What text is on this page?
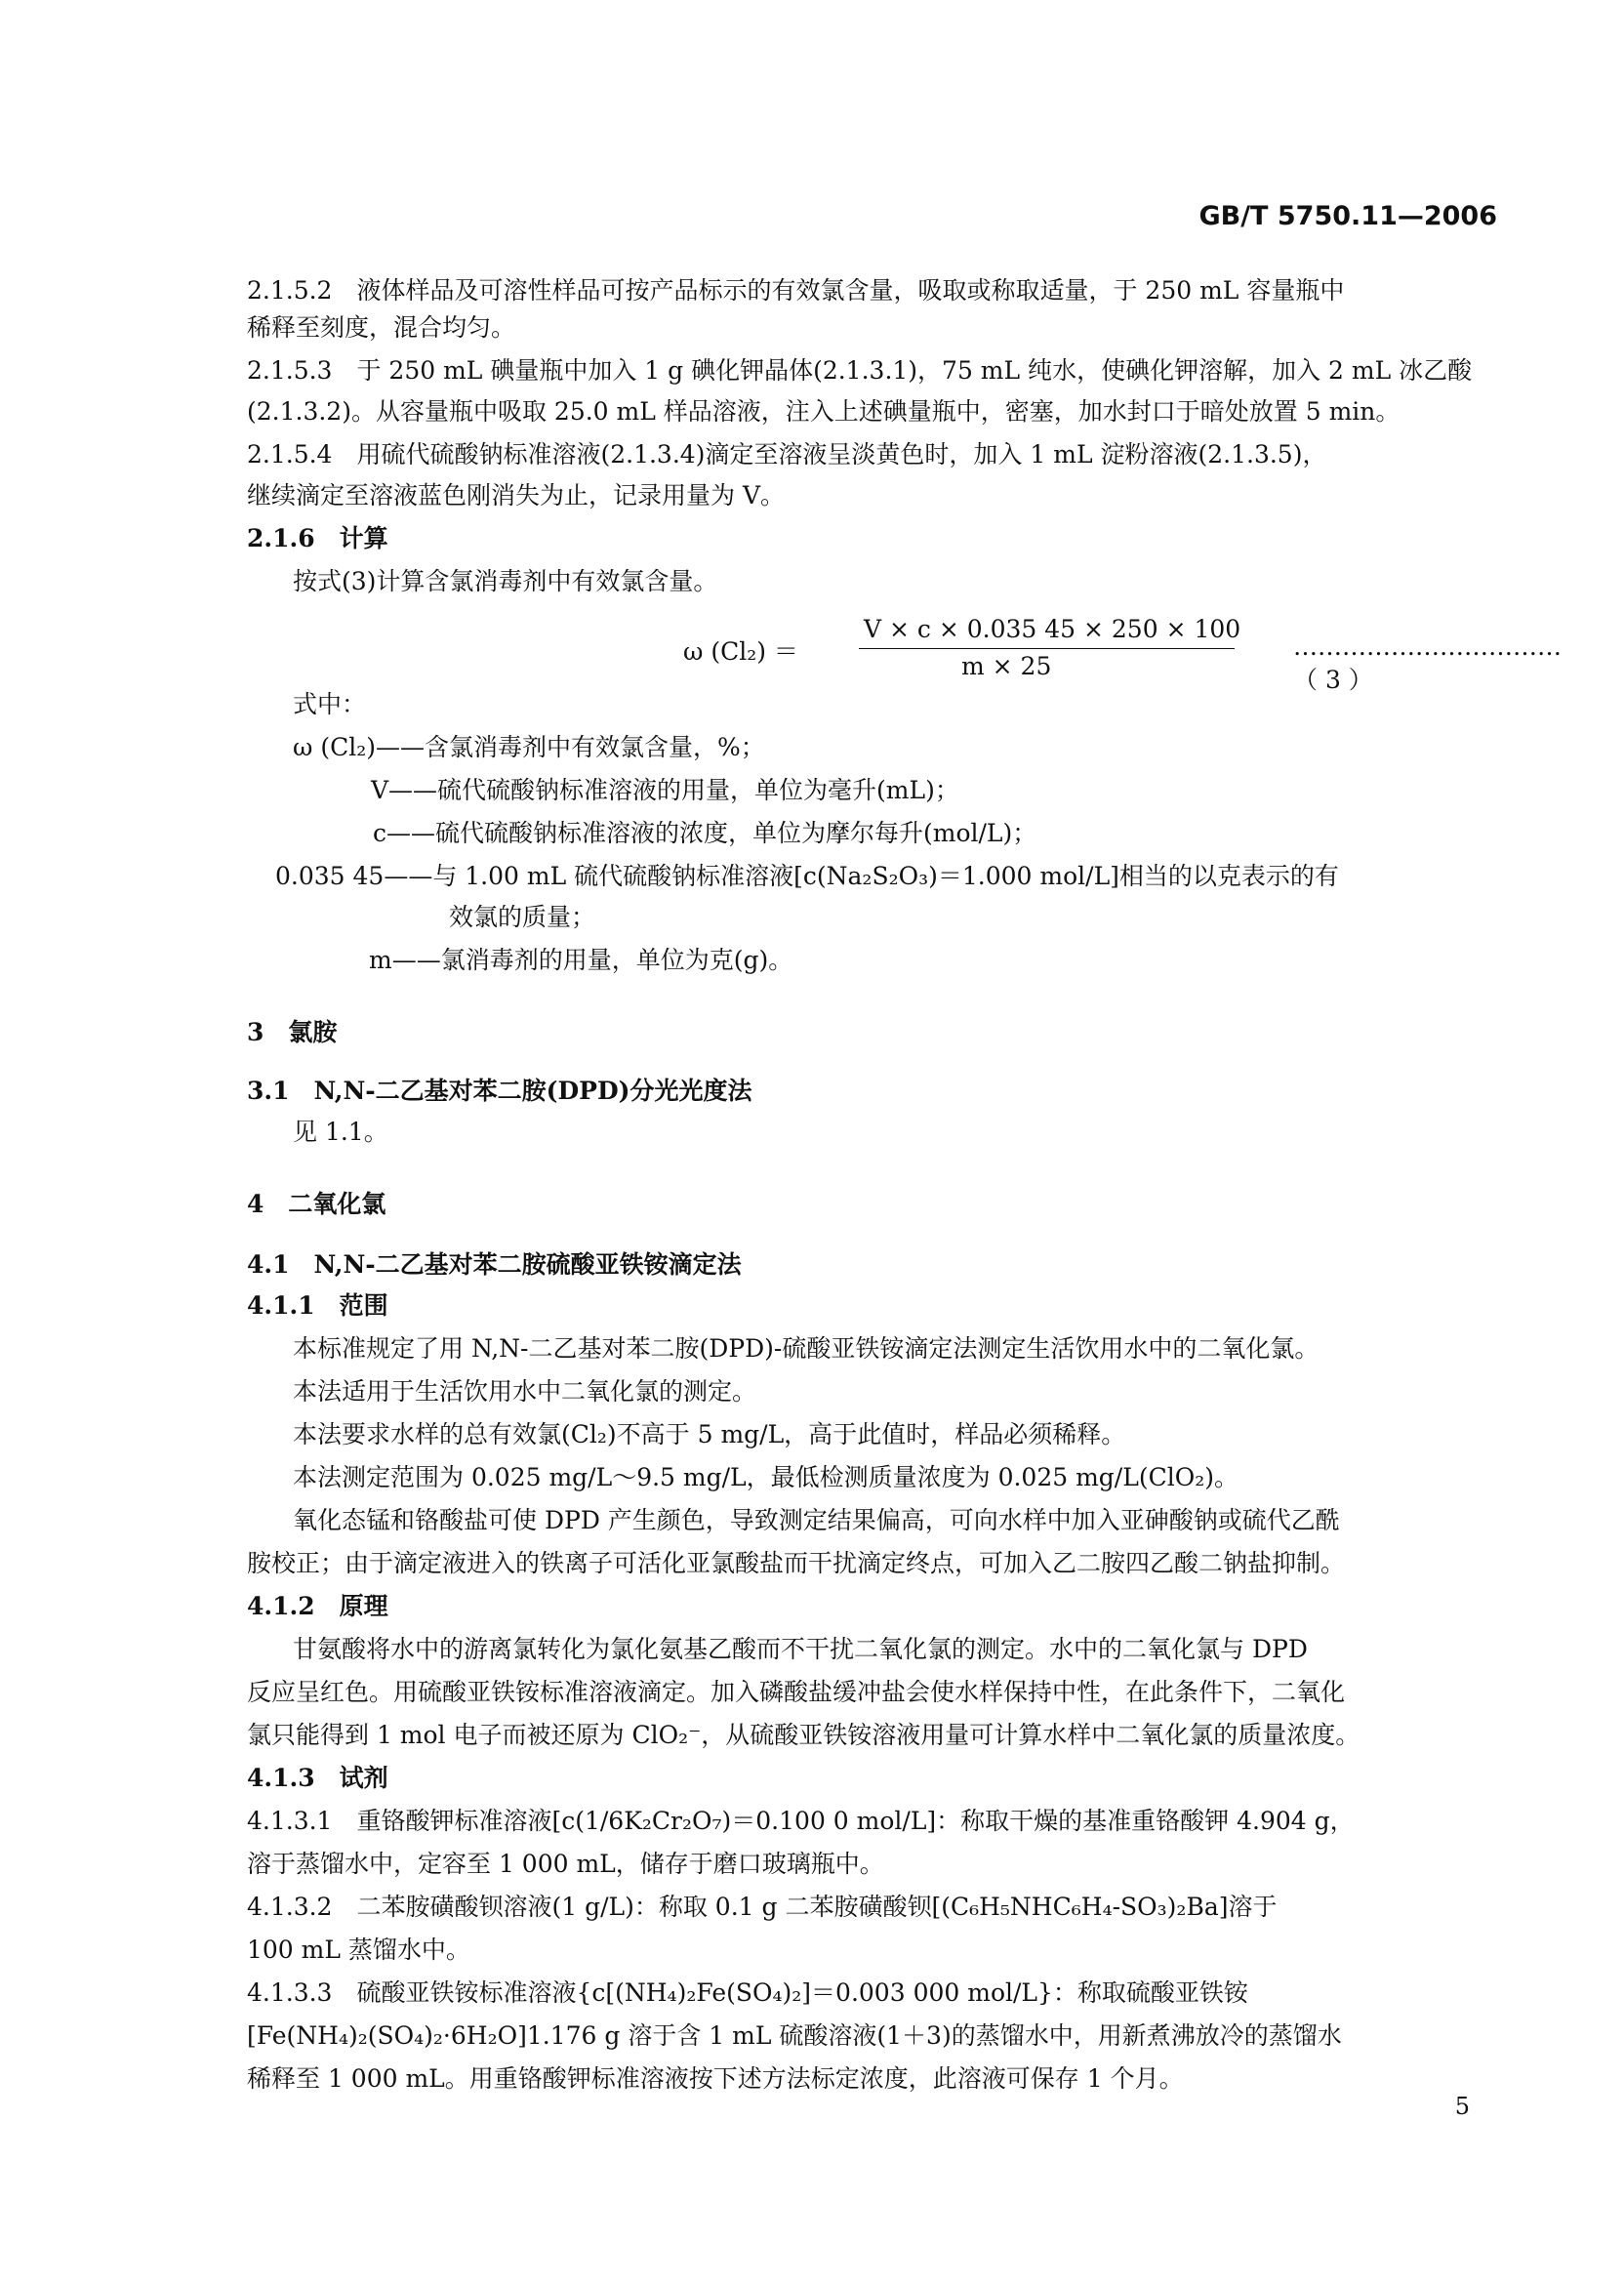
GB/T 5750.11—2006
2.1.5.2　液体样品及可溶性样品可按产品标示的有效氯含量，吸取或称取适量，于 250 mL 容量瓶中
稀释至刻度，混合均匀。
2.1.5.3　于 250 mL 碘量瓶中加入 1 g 碘化钾晶体(2.1.3.1)，75 mL 纯水，使碘化钾溶解，加入 2 mL 冰乙酸
(2.1.3.2)。从容量瓶中吸取 25.0 mL 样品溶液，注入上述碘量瓶中，密塞，加水封口于暗处放置 5 min。
2.1.5.4　用硫代硫酸钠标准溶液(2.1.3.4)滴定至溶液呈淡黄色时，加入 1 mL 淀粉溶液(2.1.3.5)，
继续滴定至溶液蓝色刚消失为止，记录用量为 V。
2.1.6　计算
按式(3)计算含氯消毒剂中有效氯含量。
ω (Cl₂) ＝
V × c × 0.035 45 × 250 × 100
m × 25
……………………………（ 3 ）
式中：
ω (Cl₂)——含氯消毒剂中有效氯含量，%；
V——硫代硫酸钠标准溶液的用量，单位为毫升(mL)；
c——硫代硫酸钠标准溶液的浓度，单位为摩尔每升(mol/L)；
0.035 45——与 1.00 mL 硫代硫酸钠标准溶液[c(Na₂S₂O₃)＝1.000 mol/L]相当的以克表示的有
效氯的质量；
m——氯消毒剂的用量，单位为克(g)。
3　氯胺
3.1　N,N-二乙基对苯二胺(DPD)分光光度法
见 1.1。
4　二氧化氯
4.1　N,N-二乙基对苯二胺硫酸亚铁铵滴定法
4.1.1　范围
本标准规定了用 N,N-二乙基对苯二胺(DPD)-硫酸亚铁铵滴定法测定生活饮用水中的二氧化氯。
本法适用于生活饮用水中二氧化氯的测定。
本法要求水样的总有效氯(Cl₂)不高于 5 mg/L，高于此值时，样品必须稀释。
本法测定范围为 0.025 mg/L～9.5 mg/L，最低检测质量浓度为 0.025 mg/L(ClO₂)。
氧化态锰和铬酸盐可使 DPD 产生颜色，导致测定结果偏高，可向水样中加入亚砷酸钠或硫代乙酰
胺校正；由于滴定液进入的铁离子可活化亚氯酸盐而干扰滴定终点，可加入乙二胺四乙酸二钠盐抑制。
4.1.2　原理
甘氨酸将水中的游离氯转化为氯化氨基乙酸而不干扰二氧化氯的测定。水中的二氧化氯与 DPD
反应呈红色。用硫酸亚铁铵标准溶液滴定。加入磷酸盐缓冲盐会使水样保持中性，在此条件下，二氧化
氯只能得到 1 mol 电子而被还原为 ClO₂⁻，从硫酸亚铁铵溶液用量可计算水样中二氧化氯的质量浓度。
4.1.3　试剂
4.1.3.1　重铬酸钾标准溶液[c(1/6K₂Cr₂O₇)＝0.100 0 mol/L]：称取干燥的基准重铬酸钾 4.904 g，
溶于蒸馏水中，定容至 1 000 mL，储存于磨口玻璃瓶中。
4.1.3.2　二苯胺磺酸钡溶液(1 g/L)：称取 0.1 g 二苯胺磺酸钡[(C₆H₅NHC₆H₄-SO₃)₂Ba]溶于
100 mL 蒸馏水中。
4.1.3.3　硫酸亚铁铵标准溶液{c[(NH₄)₂Fe(SO₄)₂]＝0.003 000 mol/L}：称取硫酸亚铁铵
[Fe(NH₄)₂(SO₄)₂·6H₂O]1.176 g 溶于含 1 mL 硫酸溶液(1＋3)的蒸馏水中，用新煮沸放冷的蒸馏水
稀释至 1 000 mL。用重铬酸钾标准溶液按下述方法标定浓度，此溶液可保存 1 个月。
5
